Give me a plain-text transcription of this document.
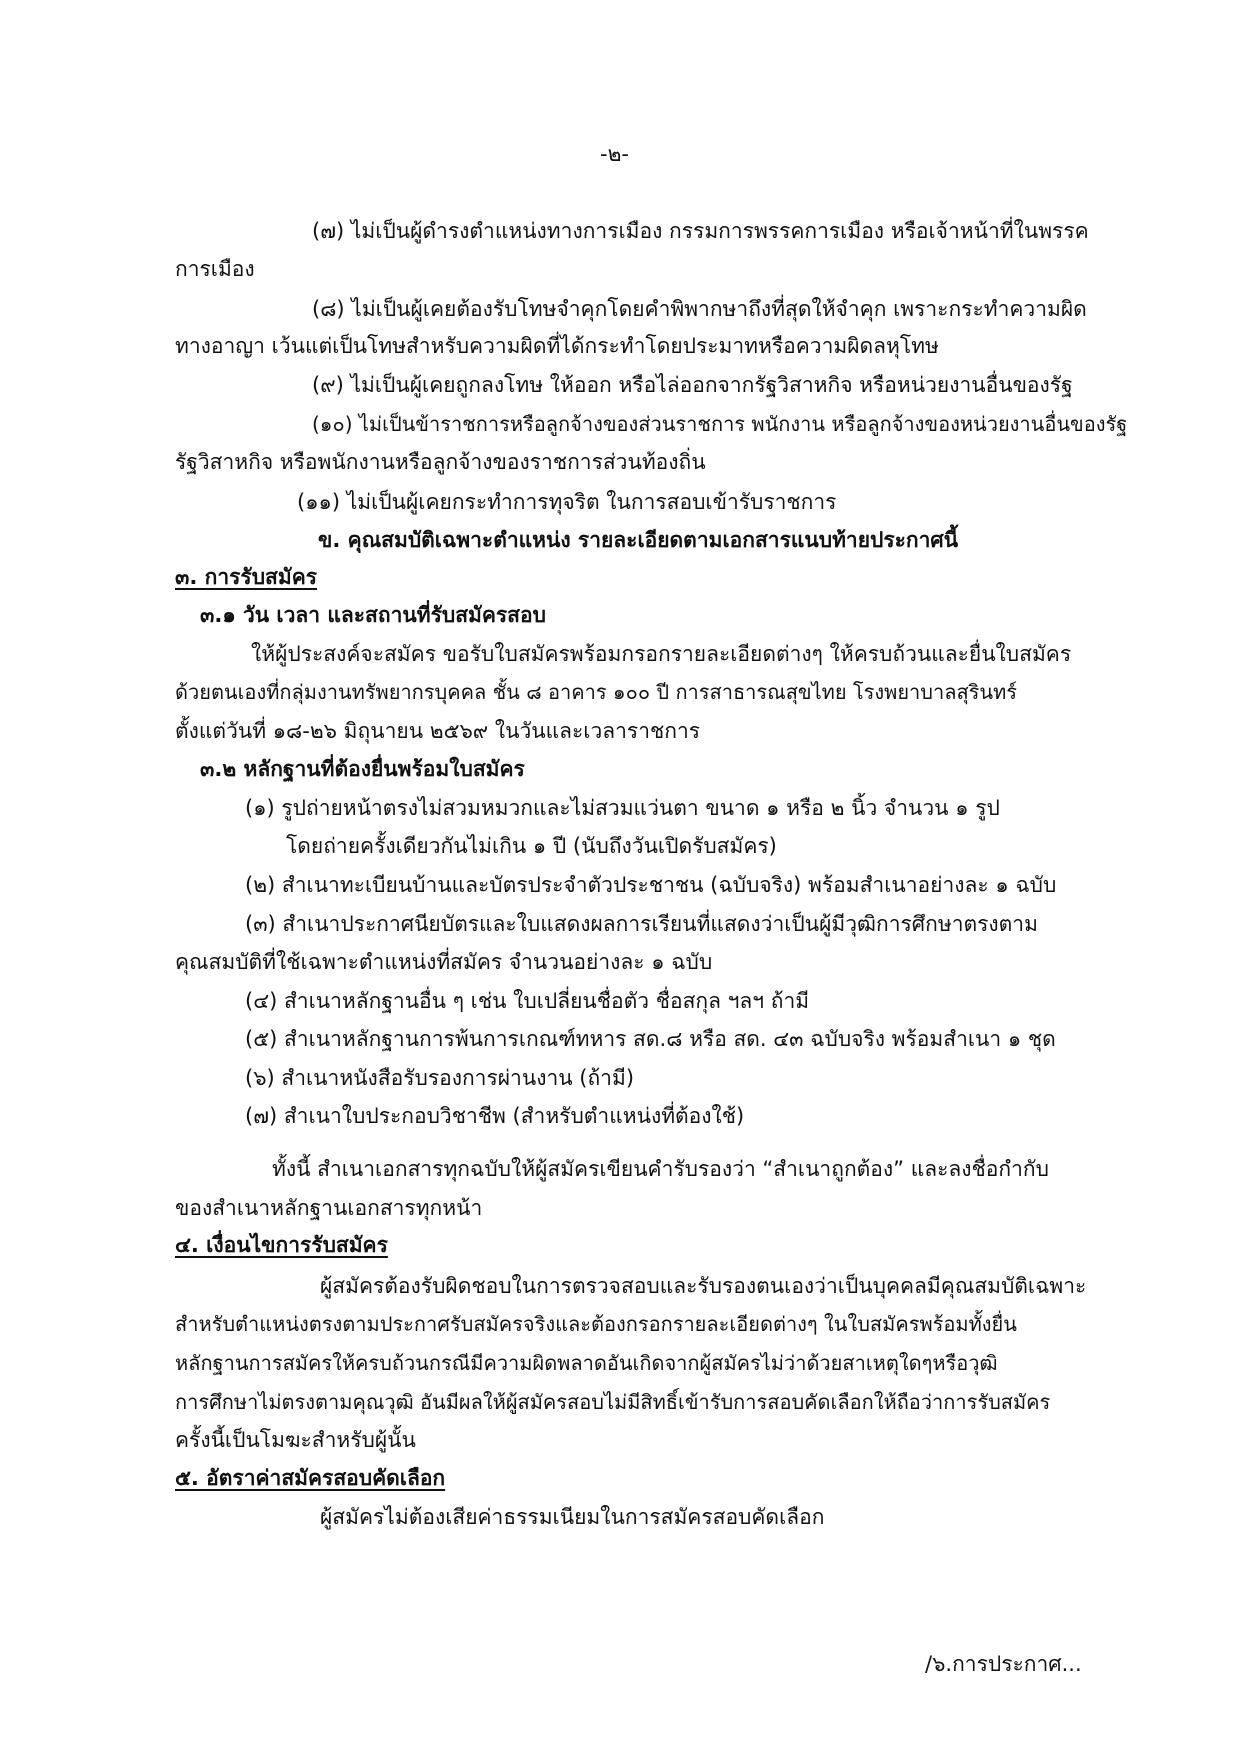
-๒-
(๗) ไม่เป็นผู้ดำรงตำแหน่งทางการเมือง กรรมการพรรคการเมือง หรือเจ้าหน้าที่ในพรรค
การเมือง
(๘) ไม่เป็นผู้เคยต้องรับโทษจำคุกโดยคำพิพากษาถึงที่สุดให้จำคุก เพราะกระทำความผิด
ทางอาญา เว้นแต่เป็นโทษสำหรับความผิดที่ได้กระทำโดยประมาทหรือความผิดลหุโทษ
(๙) ไม่เป็นผู้เคยถูกลงโทษ ให้ออก หรือไล่ออกจากรัฐวิสาหกิจ หรือหน่วยงานอื่นของรัฐ
(๑๐) ไม่เป็นข้าราชการหรือลูกจ้างของส่วนราชการ พนักงาน หรือลูกจ้างของหน่วยงานอื่นของรัฐ
รัฐวิสาหกิจ หรือพนักงานหรือลูกจ้างของราชการส่วนท้องถิ่น
(๑๑) ไม่เป็นผู้เคยกระทำการทุจริต ในการสอบเข้ารับราชการ
ข. คุณสมบัติเฉพาะตำแหน่ง รายละเอียดตามเอกสารแนบท้ายประกาศนี้
๓. การรับสมัคร
๓.๑ วัน เวลา และสถานที่รับสมัครสอบ
ให้ผู้ประสงค์จะสมัคร ขอรับใบสมัครพร้อมกรอกรายละเอียดต่างๆ ให้ครบถ้วนและยื่นใบสมัคร
ด้วยตนเองที่กลุ่มงานทรัพยากรบุคคล ชั้น ๘ อาคาร ๑๐๐ ปี การสาธารณสุขไทย โรงพยาบาลสุรินทร์
ตั้งแต่วันที่ ๑๘-๒๖ มิถุนายน ๒๕๖๙ ในวันและเวลาราชการ
๓.๒ หลักฐานที่ต้องยื่นพร้อมใบสมัคร
(๑) รูปถ่ายหน้าตรงไม่สวมหมวกและไม่สวมแว่นตา ขนาด ๑ หรือ ๒ นิ้ว จำนวน ๑ รูป
โดยถ่ายครั้งเดียวกันไม่เกิน ๑ ปี (นับถึงวันเปิดรับสมัคร)
(๒) สำเนาทะเบียนบ้านและบัตรประจำตัวประชาชน (ฉบับจริง) พร้อมสำเนาอย่างละ ๑ ฉบับ
(๓) สำเนาประกาศนียบัตรและใบแสดงผลการเรียนที่แสดงว่าเป็นผู้มีวุฒิการศึกษาตรงตาม
คุณสมบัติที่ใช้เฉพาะตำแหน่งที่สมัคร จำนวนอย่างละ ๑ ฉบับ
(๔) สำเนาหลักฐานอื่น ๆ เช่น ใบเปลี่ยนชื่อตัว ชื่อสกุล ฯลฯ ถ้ามี
(๕) สำเนาหลักฐานการพ้นการเกณฑ์ทหาร สด.๘ หรือ สด. ๔๓ ฉบับจริง พร้อมสำเนา ๑ ชุด
(๖) สำเนาหนังสือรับรองการผ่านงาน (ถ้ามี)
(๗) สำเนาใบประกอบวิชาชีพ (สำหรับตำแหน่งที่ต้องใช้)
ทั้งนี้ สำเนาเอกสารทุกฉบับให้ผู้สมัครเขียนคำรับรองว่า “สำเนาถูกต้อง” และลงชื่อกำกับ
ของสำเนาหลักฐานเอกสารทุกหน้า
๔. เงื่อนไขการรับสมัคร
ผู้สมัครต้องรับผิดชอบในการตรวจสอบและรับรองตนเองว่าเป็นบุคคลมีคุณสมบัติเฉพาะ
สำหรับตำแหน่งตรงตามประกาศรับสมัครจริงและต้องกรอกรายละเอียดต่างๆ ในใบสมัครพร้อมทั้งยื่น
หลักฐานการสมัครให้ครบถ้วนกรณีมีความผิดพลาดอันเกิดจากผู้สมัครไม่ว่าด้วยสาเหตุใดๆหรือวุฒิ
การศึกษาไม่ตรงตามคุณวุฒิ อันมีผลให้ผู้สมัครสอบไม่มีสิทธิ์เข้ารับการสอบคัดเลือกให้ถือว่าการรับสมัคร
ครั้งนี้เป็นโมฆะสำหรับผู้นั้น
๕. อัตราค่าสมัครสอบคัดเลือก
ผู้สมัครไม่ต้องเสียค่าธรรมเนียมในการสมัครสอบคัดเลือก
/๖.การประกาศ...
